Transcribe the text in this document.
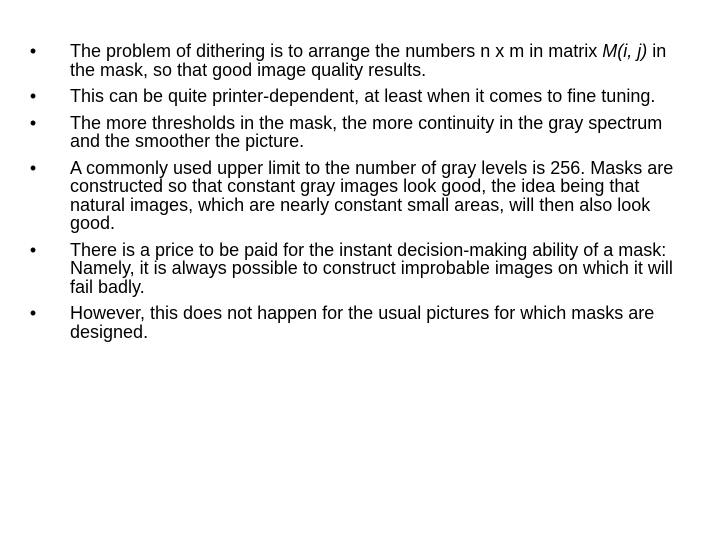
• The problem of dithering is to arrange the numbers n x m in matrix M(i, j) in the mask, so that good image quality results.
• This can be quite printer-dependent, at least when it comes to fine tuning.
• The more thresholds in the mask, the more continuity in the gray spectrum and the smoother the picture.
• A commonly used upper limit to the number of gray levels is 256. Masks are constructed so that constant gray images look good, the idea being that natural images, which are nearly constant small areas, will then also look good.
• There is a price to be paid for the instant decision-making ability of a mask: Namely, it is always possible to construct improbable images on which it will fail badly.
• However, this does not happen for the usual pictures for which masks are designed.
